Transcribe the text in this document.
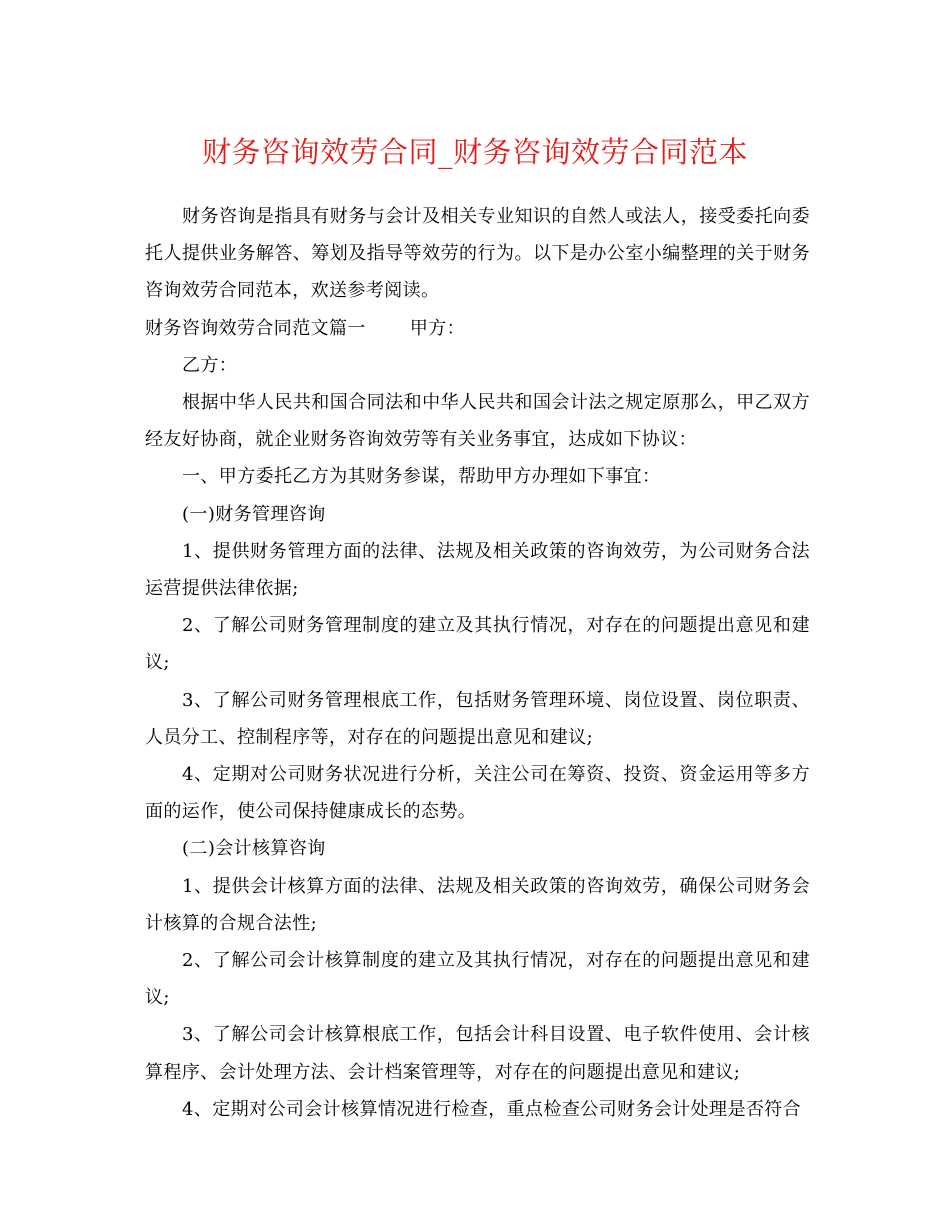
财务咨询效劳合同_财务咨询效劳合同范本

财务咨询是指具有财务与会计及相关专业知识的自然人或法人，接受委托向委托人提供业务解答、筹划及指导等效劳的行为。以下是办公室小编整理的关于财务咨询效劳合同范本，欢送参考阅读。

财务咨询效劳合同范文篇一 甲方：

乙方：

根据中华人民共和国合同法和中华人民共和国会计法之规定原那么，甲乙双方经友好协商，就企业财务咨询效劳等有关业务事宜，达成如下协议：

一、甲方委托乙方为其财务参谋，帮助甲方办理如下事宜：

(一)财务管理咨询

1、提供财务管理方面的法律、法规及相关政策的咨询效劳，为公司财务合法运营提供法律依据;

2、了解公司财务管理制度的建立及其执行情况，对存在的问题提出意见和建议;

3、了解公司财务管理根底工作，包括财务管理环境、岗位设置、岗位职责、人员分工、控制程序等，对存在的问题提出意见和建议;

4、定期对公司财务状况进行分析，关注公司在筹资、投资、资金运用等多方面的运作，使公司保持健康成长的态势。

(二)会计核算咨询

1、提供会计核算方面的法律、法规及相关政策的咨询效劳，确保公司财务会计核算的合规合法性;

2、了解公司会计核算制度的建立及其执行情况，对存在的问题提出意见和建议;

3、了解公司会计核算根底工作，包括会计科目设置、电子软件使用、会计核算程序、会计处理方法、会计档案管理等，对存在的问题提出意见和建议;

4、定期对公司会计核算情况进行检查，重点检查公司财务会计处理是否符合
